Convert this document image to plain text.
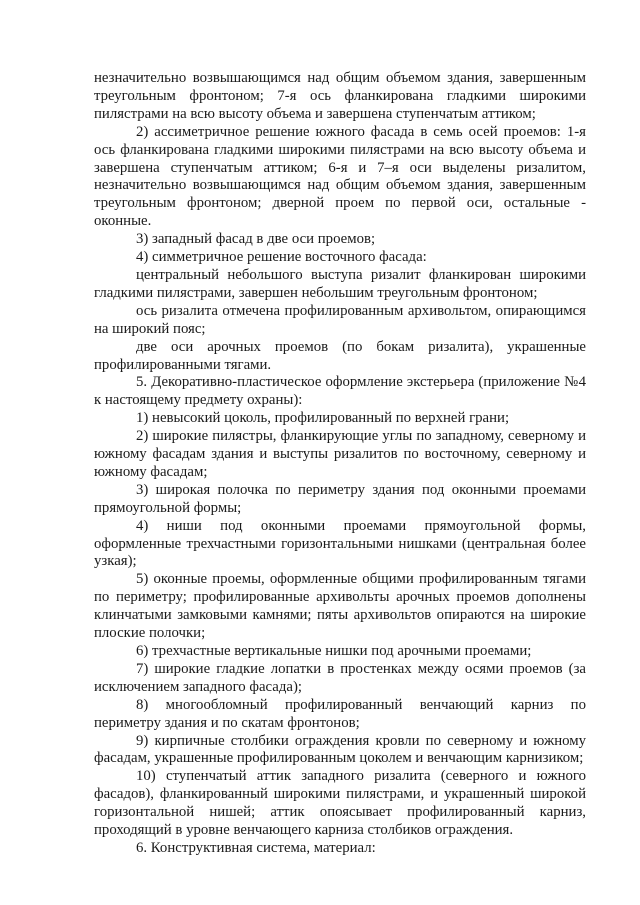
незначительно возвышающимся над общим объемом здания, завершенным треугольным фронтоном; 7-я ось фланкирована гладкими широкими пилястрами на всю высоту объема и завершена ступенчатым аттиком;

2) ассиметричное решение южного фасада в семь осей проемов: 1-я ось фланкирована гладкими широкими пилястрами на всю высоту объема и завершена ступенчатым аттиком; 6-я и 7–я оси выделены ризалитом, незначительно возвышающимся над общим объемом здания, завершенным треугольным фронтоном; дверной проем по первой оси, остальные - оконные.

3) западный фасад в две оси проемов;

4) симметричное решение восточного фасада:

центральный небольшого выступа ризалит фланкирован широкими гладкими пилястрами, завершен небольшим треугольным фронтоном;

ось ризалита отмечена профилированным архивольтом, опирающимся на широкий пояс;

две оси арочных проемов (по бокам ризалита), украшенные профилированными тягами.

5. Декоративно-пластическое оформление экстерьера (приложение №4 к настоящему предмету охраны):

1) невысокий цоколь, профилированный по верхней грани;

2) широкие пилястры, фланкирующие углы по западному, северному и южному фасадам здания и выступы ризалитов по восточному, северному и южному фасадам;

3) широкая полочка по периметру здания под оконными проемами прямоугольной формы;

4) ниши под оконными проемами прямоугольной формы, оформленные трехчастными горизонтальными нишками (центральная более узкая);

5) оконные проемы, оформленные общими профилированным тягами по периметру; профилированные архивольты арочных проемов дополнены клинчатыми замковыми камнями; пяты архивольтов опираются на широкие плоские полочки;

6) трехчастные вертикальные нишки под арочными проемами;

7) широкие гладкие лопатки в простенках между осями проемов (за исключением западного фасада);

8) многообломный профилированный венчающий карниз по периметру здания и по скатам фронтонов;

9) кирпичные столбики ограждения кровли по северному и южному фасадам, украшенные профилированным цоколем и венчающим карнизиком;

10) ступенчатый аттик западного ризалита (северного и южного фасадов), фланкированный широкими пилястрами, и украшенный широкой горизонтальной нишей; аттик опоясывает профилированный карниз, проходящий в уровне венчающего карниза столбиков ограждения.

6. Конструктивная система, материал:
